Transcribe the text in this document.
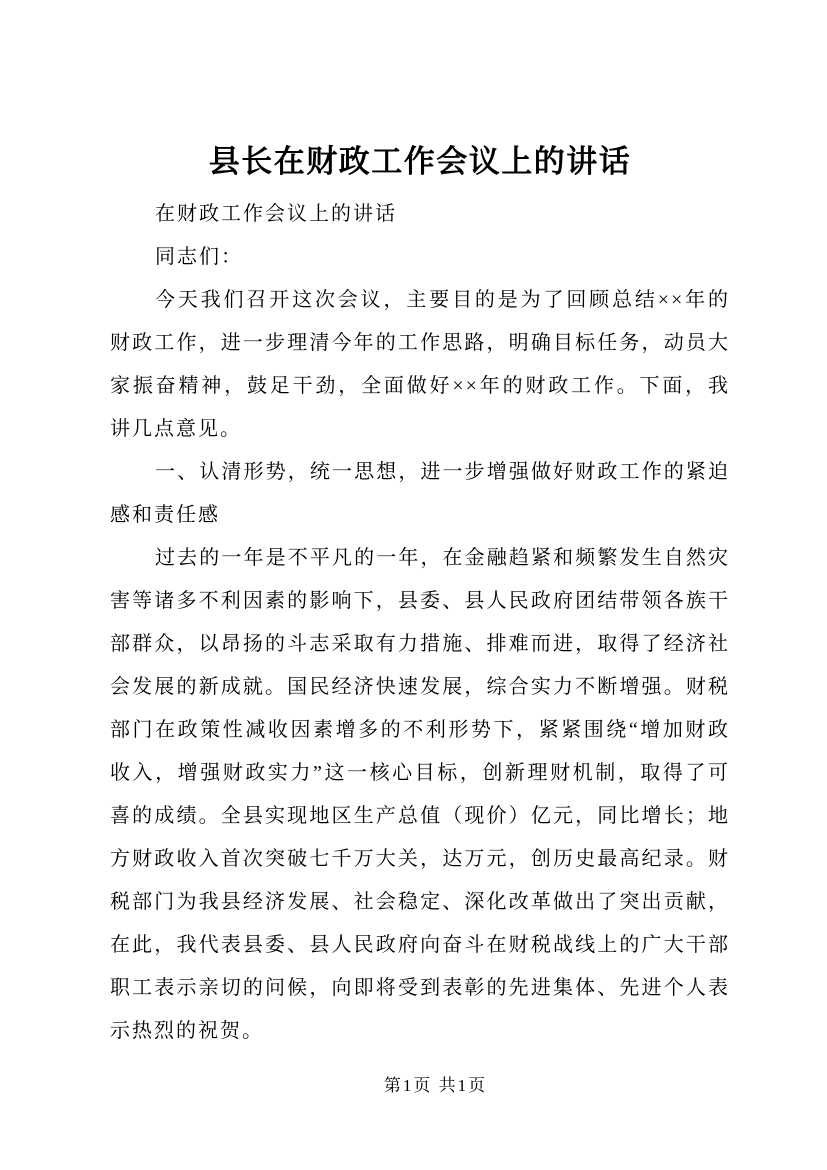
县长在财政工作会议上的讲话

在财政工作会议上的讲话

同志们：

今天我们召开这次会议，主要目的是为了回顾总结××年的财政工作，进一步理清今年的工作思路，明确目标任务，动员大家振奋精神，鼓足干劲，全面做好××年的财政工作。下面，我讲几点意见。

一、认清形势，统一思想，进一步增强做好财政工作的紧迫感和责任感

过去的一年是不平凡的一年，在金融趋紧和频繁发生自然灾害等诸多不利因素的影响下，县委、县人民政府团结带领各族干部群众，以昂扬的斗志采取有力措施、排难而进，取得了经济社会发展的新成就。国民经济快速发展，综合实力不断增强。财税部门在政策性减收因素增多的不利形势下，紧紧围绕“增加财政收入，增强财政实力”这一核心目标，创新理财机制，取得了可喜的成绩。全县实现地区生产总值（现价）亿元，同比增长；地方财政收入首次突破七千万大关，达万元，创历史最高纪录。财税部门为我县经济发展、社会稳定、深化改革做出了突出贡献，在此，我代表县委、县人民政府向奋斗在财税战线上的广大干部职工表示亲切的问候，向即将受到表彰的先进集体、先进个人表示热烈的祝贺。

第1页 共1页
